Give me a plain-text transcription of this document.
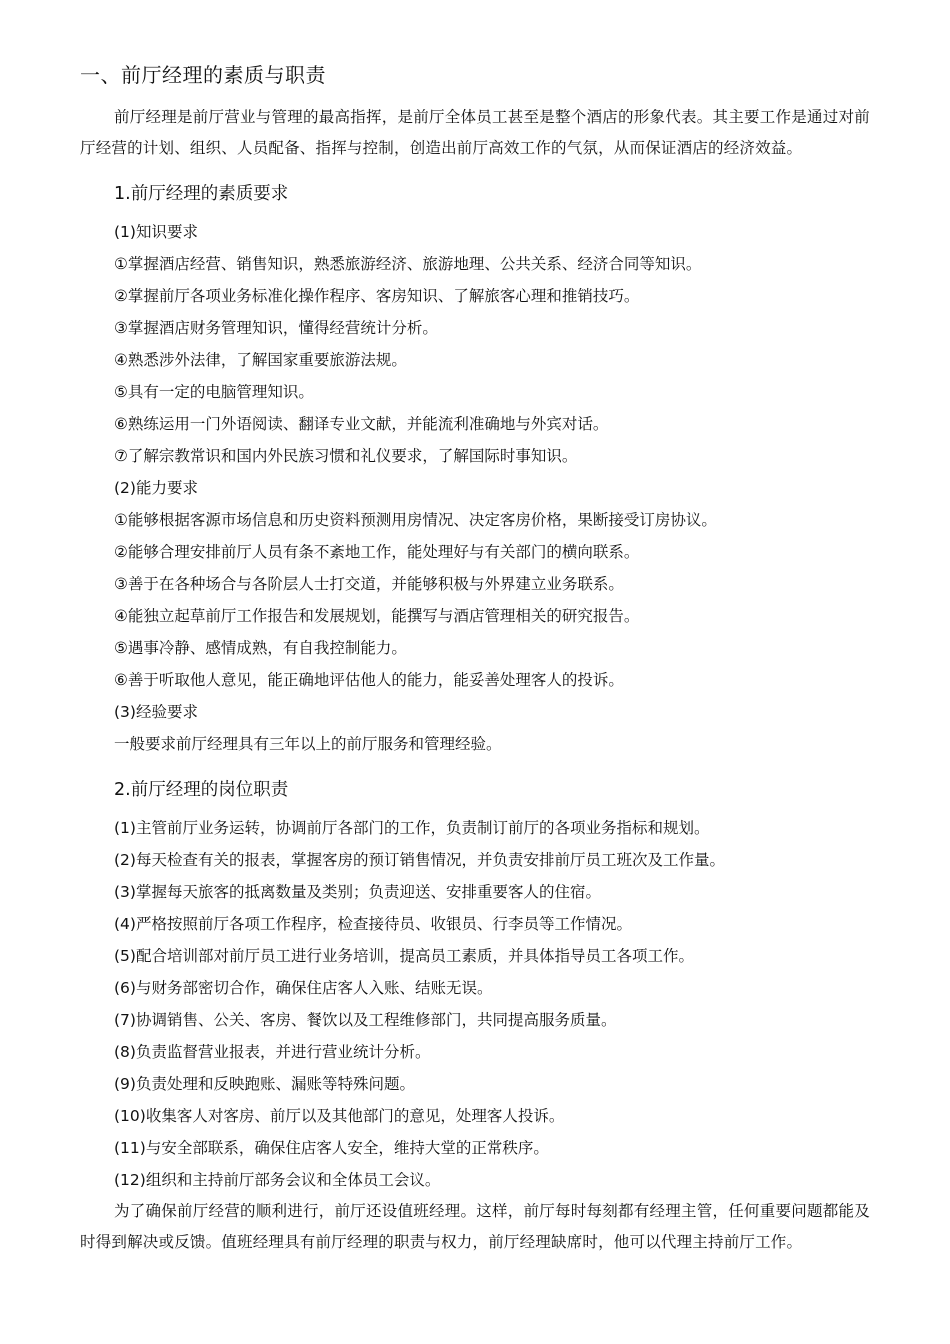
一、前厅经理的素质与职责

前厅经理是前厅营业与管理的最高指挥，是前厅全体员工甚至是整个酒店的形象代表。其主要工作是通过对前厅经营的计划、组织、人员配备、指挥与控制，创造出前厅高效工作的气氛，从而保证酒店的经济效益。

1.前厅经理的素质要求
(1)知识要求
①掌握酒店经营、销售知识，熟悉旅游经济、旅游地理、公共关系、经济合同等知识。
②掌握前厅各项业务标准化操作程序、客房知识、了解旅客心理和推销技巧。
③掌握酒店财务管理知识，懂得经营统计分析。
④熟悉涉外法律，了解国家重要旅游法规。
⑤具有一定的电脑管理知识。
⑥熟练运用一门外语阅读、翻译专业文献，并能流利准确地与外宾对话。
⑦了解宗教常识和国内外民族习惯和礼仪要求，了解国际时事知识。
(2)能力要求
①能够根据客源市场信息和历史资料预测用房情况、决定客房价格，果断接受订房协议。
②能够合理安排前厅人员有条不紊地工作，能处理好与有关部门的横向联系。
③善于在各种场合与各阶层人士打交道，并能够积极与外界建立业务联系。
④能独立起草前厅工作报告和发展规划，能撰写与酒店管理相关的研究报告。
⑤遇事冷静、感情成熟，有自我控制能力。
⑥善于听取他人意见，能正确地评估他人的能力，能妥善处理客人的投诉。
(3)经验要求
一般要求前厅经理具有三年以上的前厅服务和管理经验。
2.前厅经理的岗位职责
(1)主管前厅业务运转，协调前厅各部门的工作，负责制订前厅的各项业务指标和规划。
(2)每天检查有关的报表，掌握客房的预订销售情况，并负责安排前厅员工班次及工作量。
(3)掌握每天旅客的抵离数量及类别；负责迎送、安排重要客人的住宿。
(4)严格按照前厅各项工作程序，检查接待员、收银员、行李员等工作情况。
(5)配合培训部对前厅员工进行业务培训，提高员工素质，并具体指导员工各项工作。
(6)与财务部密切合作，确保住店客人入账、结账无误。
(7)协调销售、公关、客房、餐饮以及工程维修部门，共同提高服务质量。
(8)负责监督营业报表，并进行营业统计分析。
(9)负责处理和反映跑账、漏账等特殊问题。
(10)收集客人对客房、前厅以及其他部门的意见，处理客人投诉。
(11)与安全部联系，确保住店客人安全，维持大堂的正常秩序。
(12)组织和主持前厅部务会议和全体员工会议。

为了确保前厅经营的顺利进行，前厅还设值班经理。这样，前厅每时每刻都有经理主管，任何重要问题都能及时得到解决或反馈。值班经理具有前厅经理的职责与权力，前厅经理缺席时，他可以代理主持前厅工作。
